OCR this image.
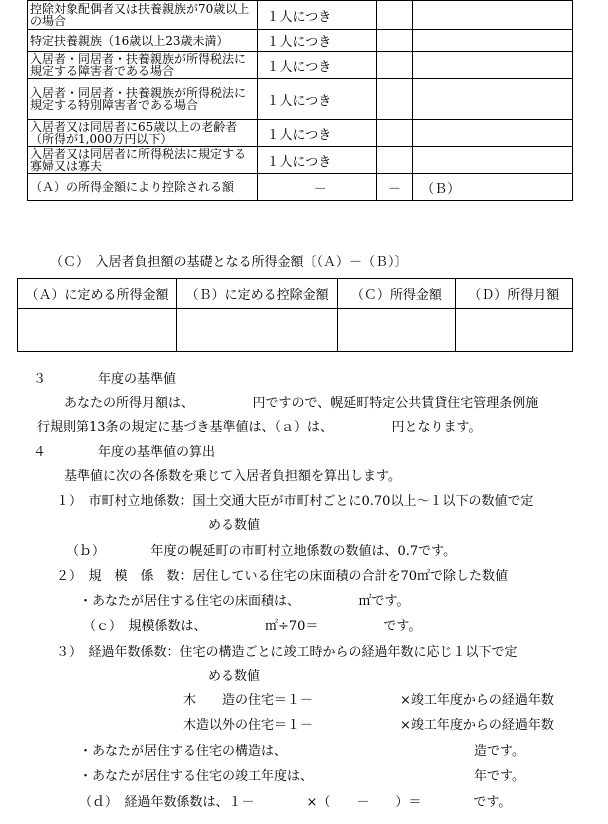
控除対象配偶者又は扶養親族が70歳以上の場合	１人につき		
特定扶養親族（16歳以上23歳未満）	１人につき		
入居者・同居者・扶養親族が所得税法に規定する障害者である場合	１人につき		
入居者・同居者・扶養親族が所得税法に規定する特別障害者である場合	１人につき		
入居者又は同居者に65歳以上の老齢者（所得が1,000万円以下）	１人につき		
入居者又は同居者に所得税法に規定する寡婦又は寡夫	１人につき		
（Ａ）の所得金額により控除される額	－	－	（Ｂ）
（Ｃ）　入居者負担額の基礎となる所得金額〔（Ａ）－（Ｂ）〕
（Ａ）に定める所得金額	（Ｂ）に定める控除金額	（Ｃ）所得金額	（Ｄ）所得月額

３　　　　年度の基準値
あなたの所得月額は、　　　　　円ですので、幌延町特定公共賃貸住宅管理条例施
行規則第13条の規定に基づき基準値は、（ａ）は、　　　　　円となります。
４　　　　年度の基準値の算出
基準値に次の各係数を乗じて入居者負担額を算出します。
１）　市町村立地係数：国土交通大臣が市町村ごとに0.70以上～１以下の数値で定
める数値
（ｂ）　　　　年度の幌延町の市町村立地係数の数値は、0.7です。
２）　規　模　係　数：居住している住宅の床面積の合計を70㎡で除した数値
・あなたが居住する住宅の床面積は、　　　　　㎡です。
（ｃ）　規模係数は、　　　　　㎡÷70＝　　　　　です。
３）　経過年数係数：住宅の構造ごとに竣工時からの経過年数に応じ１以下で定
める数値
木　　造の住宅＝１－	×竣工年度からの経過年数
木造以外の住宅＝１－	×竣工年度からの経過年数
・あなたが居住する住宅の構造は、	造です。
・あなたが居住する住宅の竣工年度は、	年です。
（ｄ）　経過年数係数は、１－　　　　×（　　－　　）＝　　　　です。
